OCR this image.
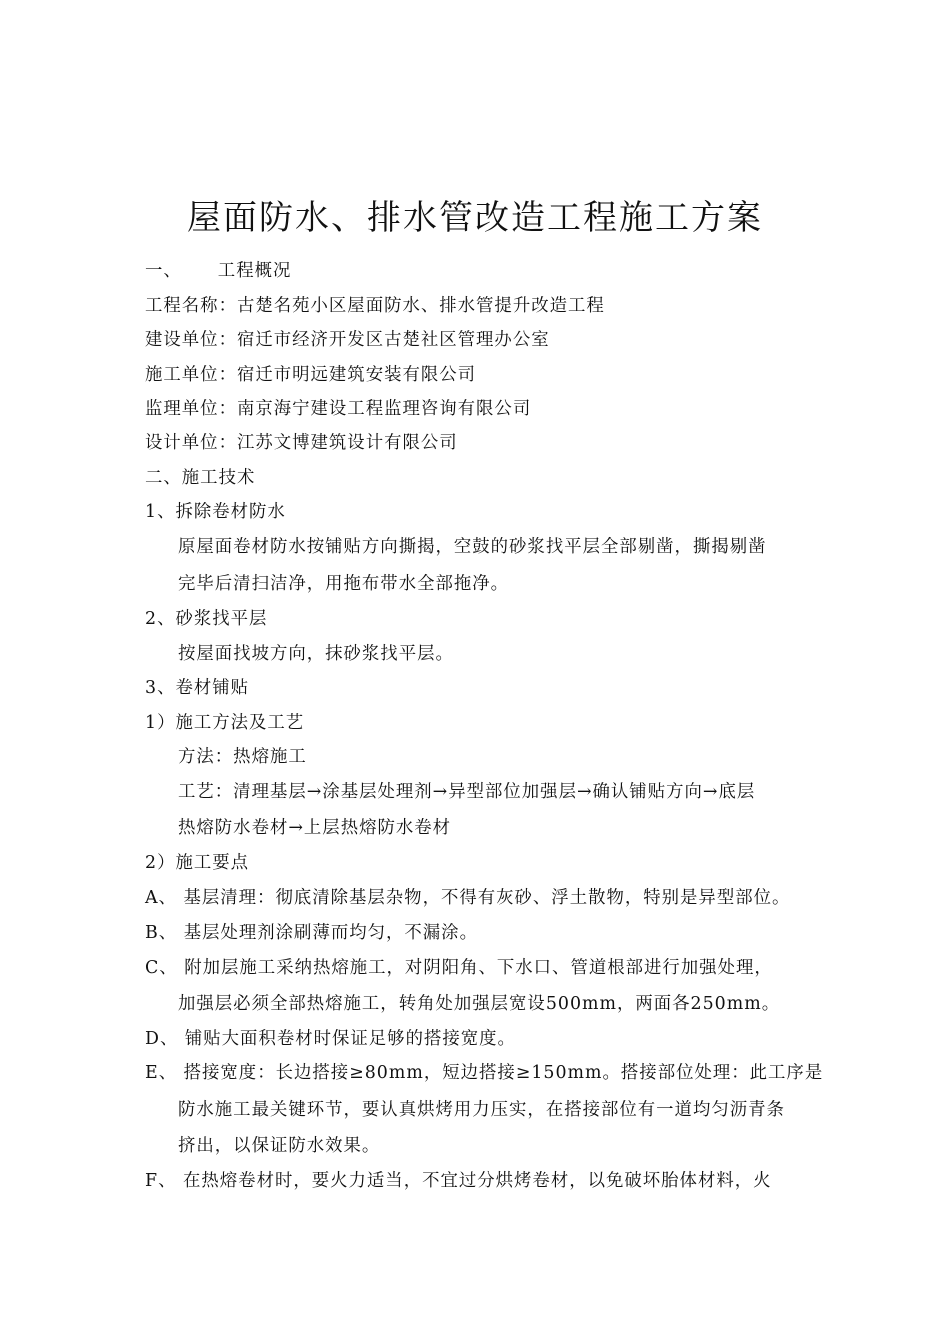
屋面防水、排水管改造工程施工方案
一、 工程概况
工程名称：古楚名苑小区屋面防水、排水管提升改造工程
建设单位：宿迁市经济开发区古楚社区管理办公室
施工单位：宿迁市明远建筑安装有限公司
监理单位：南京海宁建设工程监理咨询有限公司
设计单位：江苏文博建筑设计有限公司
二、施工技术
1、拆除卷材防水
原屋面卷材防水按铺贴方向撕揭，空鼓的砂浆找平层全部剔凿，撕揭剔凿
完毕后清扫洁净，用拖布带水全部拖净。
2、砂浆找平层
按屋面找坡方向，抹砂浆找平层。
3、卷材铺贴
1）施工方法及工艺
方法：热熔施工
工艺：清理基层→涂基层处理剂→异型部位加强层→确认铺贴方向→底层
热熔防水卷材→上层热熔防水卷材
2）施工要点
A、 基层清理：彻底清除基层杂物，不得有灰砂、浮土散物，特别是异型部位。
B、 基层处理剂涂刷薄而均匀，不漏涂。
C、 附加层施工采纳热熔施工，对阴阳角、下水口、管道根部进行加强处理，
加强层必须全部热熔施工，转角处加强层宽设500mm，两面各250mm。
D、 铺贴大面积卷材时保证足够的搭接宽度。
E、 搭接宽度：长边搭接≥80mm，短边搭接≥150mm。搭接部位处理：此工序是
防水施工最关键环节，要认真烘烤用力压实，在搭接部位有一道均匀沥青条
挤出，以保证防水效果。
F、 在热熔卷材时，要火力适当，不宜过分烘烤卷材，以免破坏胎体材料，火
